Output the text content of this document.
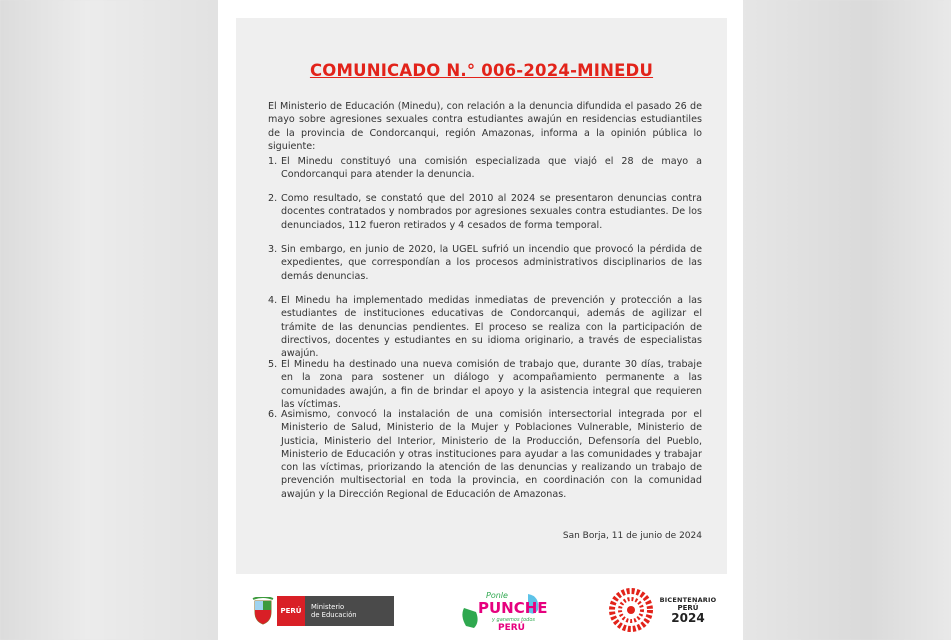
COMUNICADO N.° 006-2024-MINEDU
El Ministerio de Educación (Minedu), con relación a la denuncia difundida el pasado 26 de mayo sobre agresiones sexuales contra estudiantes awajún en residencias estudiantiles de la provincia de Condorcanqui, región Amazonas, informa a la opinión pública lo siguiente:
1. El Minedu constituyó una comisión especializada que viajó el 28 de mayo a Condorcanqui para atender la denuncia.
2. Como resultado, se constató que del 2010 al 2024 se presentaron denuncias contra docentes contratados y nombrados por agresiones sexuales contra estudiantes. De los denunciados, 112 fueron retirados y 4 cesados de forma temporal.
3. Sin embargo, en junio de 2020, la UGEL sufrió un incendio que provocó la pérdida de expedientes, que correspondían a los procesos administrativos disciplinarios de las demás denuncias.
4. El Minedu ha implementado medidas inmediatas de prevención y protección a las estudiantes de instituciones educativas de Condorcanqui, además de agilizar el trámite de las denuncias pendientes. El proceso se realiza con la participación de directivos, docentes y estudiantes en su idioma originario, a través de especialistas awajún.
5. El Minedu ha destinado una nueva comisión de trabajo que, durante 30 días, trabaje en la zona para sostener un diálogo y acompañamiento permanente a las comunidades awajún, a fin de brindar el apoyo y la asistencia integral que requieren las víctimas.
6. Asimismo, convocó la instalación de una comisión intersectorial integrada por el Ministerio de Salud, Ministerio de la Mujer y Poblaciones Vulnerable, Ministerio de Justicia, Ministerio del Interior, Ministerio de la Producción, Defensoría del Pueblo, Ministerio de Educación y otras instituciones para ayudar a las comunidades y trabajar con las víctimas, priorizando la atención de las denuncias y realizando un trabajo de prevención multisectorial en toda la provincia, en coordinación con la comunidad awajún y la Dirección Regional de Educación de Amazonas.
San Borja, 11 de junio de 2024
PERÚ	Ministerio
de Educación
Ponle
PUNCHE
y ganemos todos
PERÚ
BICENTENARIO
PERÚ
2024
